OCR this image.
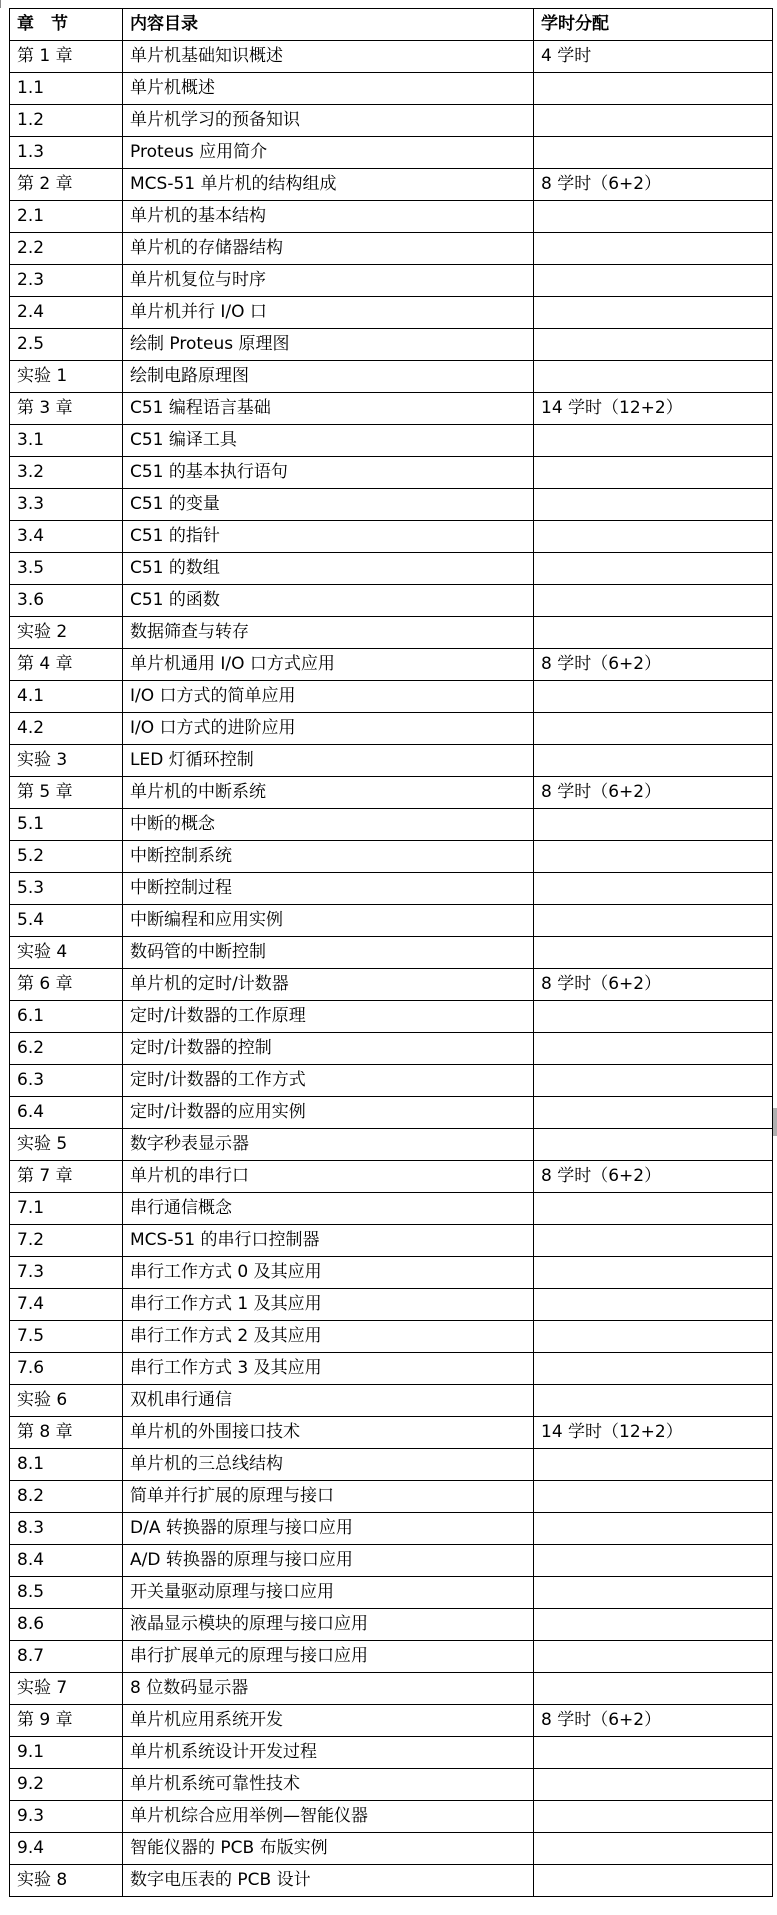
章　节	内容目录	学时分配
第 1 章	单片机基础知识概述	4 学时
1.1	单片机概述	
1.2	单片机学习的预备知识	
1.3	Proteus 应用简介	
第 2 章	MCS-51 单片机的结构组成	8 学时（6+2）
2.1	单片机的基本结构	
2.2	单片机的存储器结构	
2.3	单片机复位与时序	
2.4	单片机并行 I/O 口	
2.5	绘制 Proteus 原理图	
实验 1	绘制电路原理图	
第 3 章	C51 编程语言基础	14 学时（12+2）
3.1	C51 编译工具	
3.2	C51 的基本执行语句	
3.3	C51 的变量	
3.4	C51 的指针	
3.5	C51 的数组	
3.6	C51 的函数	
实验 2	数据筛查与转存	
第 4 章	单片机通用 I/O 口方式应用	8 学时（6+2）
4.1	I/O 口方式的简单应用	
4.2	I/O 口方式的进阶应用	
实验 3	LED 灯循环控制	
第 5 章	单片机的中断系统	8 学时（6+2）
5.1	中断的概念	
5.2	中断控制系统	
5.3	中断控制过程	
5.4	中断编程和应用实例	
实验 4	数码管的中断控制	
第 6 章	单片机的定时/计数器	8 学时（6+2）
6.1	定时/计数器的工作原理	
6.2	定时/计数器的控制	
6.3	定时/计数器的工作方式	
6.4	定时/计数器的应用实例	
实验 5	数字秒表显示器	
第 7 章	单片机的串行口	8 学时（6+2）
7.1	串行通信概念	
7.2	MCS-51 的串行口控制器	
7.3	串行工作方式 0 及其应用	
7.4	串行工作方式 1 及其应用	
7.5	串行工作方式 2 及其应用	
7.6	串行工作方式 3 及其应用	
实验 6	双机串行通信	
第 8 章	单片机的外围接口技术	14 学时（12+2）
8.1	单片机的三总线结构	
8.2	简单并行扩展的原理与接口	
8.3	D/A 转换器的原理与接口应用	
8.4	A/D 转换器的原理与接口应用	
8.5	开关量驱动原理与接口应用	
8.6	液晶显示模块的原理与接口应用	
8.7	串行扩展单元的原理与接口应用	
实验 7	8 位数码显示器	
第 9 章	单片机应用系统开发	8 学时（6+2）
9.1	单片机系统设计开发过程	
9.2	单片机系统可靠性技术	
9.3	单片机综合应用举例—智能仪器	
9.4	智能仪器的 PCB 布版实例	
实验 8	数字电压表的 PCB 设计	
